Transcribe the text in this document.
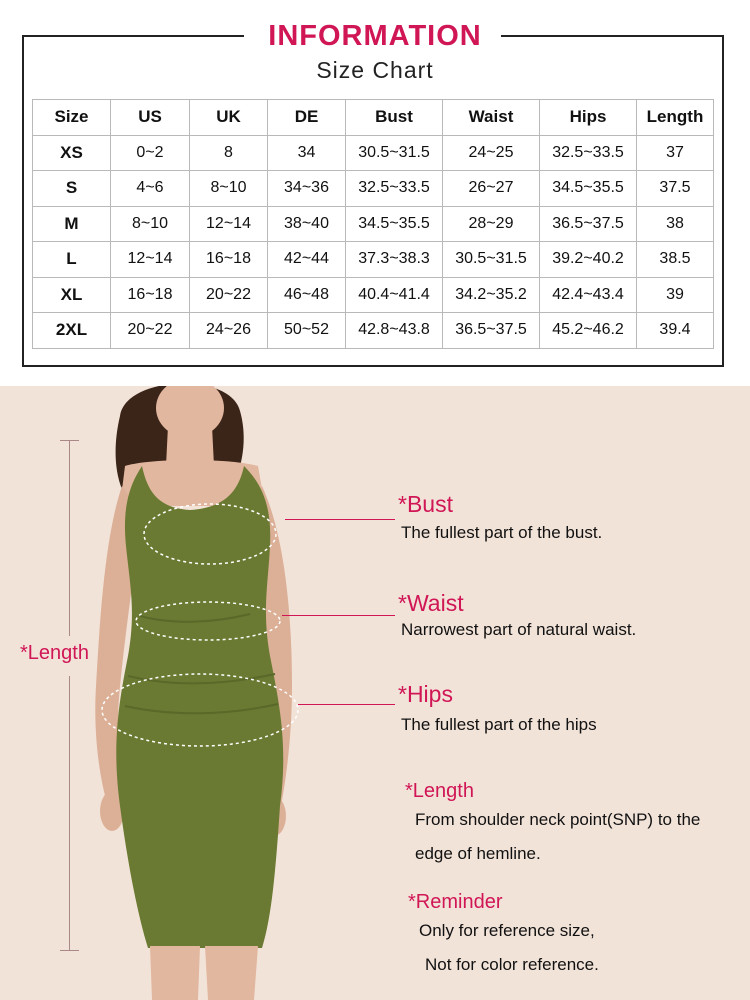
INFORMATION
Size Chart
Size	US	UK	DE	Bust	Waist	Hips	Length
XS	0~2	8	34	30.5~31.5	24~25	32.5~33.5	37
S	4~6	8~10	34~36	32.5~33.5	26~27	34.5~35.5	37.5
M	8~10	12~14	38~40	34.5~35.5	28~29	36.5~37.5	38
L	12~14	16~18	42~44	37.3~38.3	30.5~31.5	39.2~40.2	38.5
XL	16~18	20~22	46~48	40.4~41.4	34.2~35.2	42.4~43.4	39
2XL	20~22	24~26	50~52	42.8~43.8	36.5~37.5	45.2~46.2	39.4
*Length
*Bust
The fullest part of the bust.
*Waist
Narrowest part of natural waist.
*Hips
The fullest part of the hips
*Length
From shoulder neck point(SNP) to the
edge of hemline.
*Reminder
Only for reference size,
Not for color reference.
